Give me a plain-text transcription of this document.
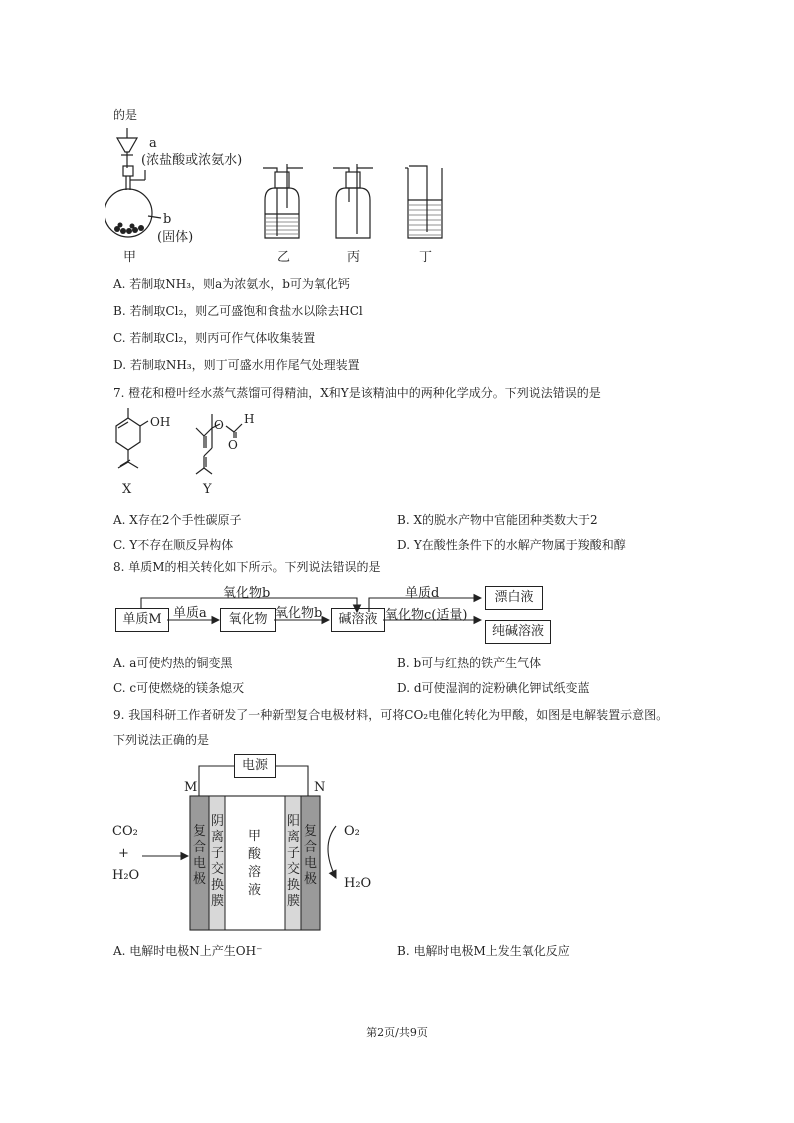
的是
a
(浓盐酸或浓氨水)
b
(固体)
甲	乙	丙	丁
A. 若制取NH₃，则a为浓氨水，b可为氧化钙
B. 若制取Cl₂，则乙可盛饱和食盐水以除去HCl
C. 若制取Cl₂，则丙可作气体收集装置
D. 若制取NH₃，则丁可盛水用作尾气处理装置
7. 橙花和橙叶经水蒸气蒸馏可得精油，X和Y是该精油中的两种化学成分。下列说法错误的是
OH	O H
O
X	Y
A. X存在2个手性碳原子	B. X的脱水产物中官能团种类数大于2
C. Y不存在顺反异构体	D. Y在酸性条件下的水解产物属于羧酸和醇
8. 单质M的相关转化如下所示。下列说法错误的是
单质M	氧化物	碱溶液
漂白液
纯碱溶液
单质a
氧化物b
氧化物b
单质d
氧化物c(适量)
A. a可使灼热的铜变黑	B. b可与红热的铁产生气体
C. c可使燃烧的镁条熄灭	D. d可使湿润的淀粉碘化钾试纸变蓝
9. 我国科研工作者研发了一种新型复合电极材料，可将CO₂电催化转化为甲酸，如图是电解装置示意图。
下列说法正确的是
电源
M	N
CO₂
+
H₂O
O₂
H₂O
复合电极
阴离子交换膜
甲酸溶液
阳离子交换膜
复合电极
A. 电解时电极N上产生OH⁻	B. 电解时电极M上发生氧化反应
第2页/共9页
